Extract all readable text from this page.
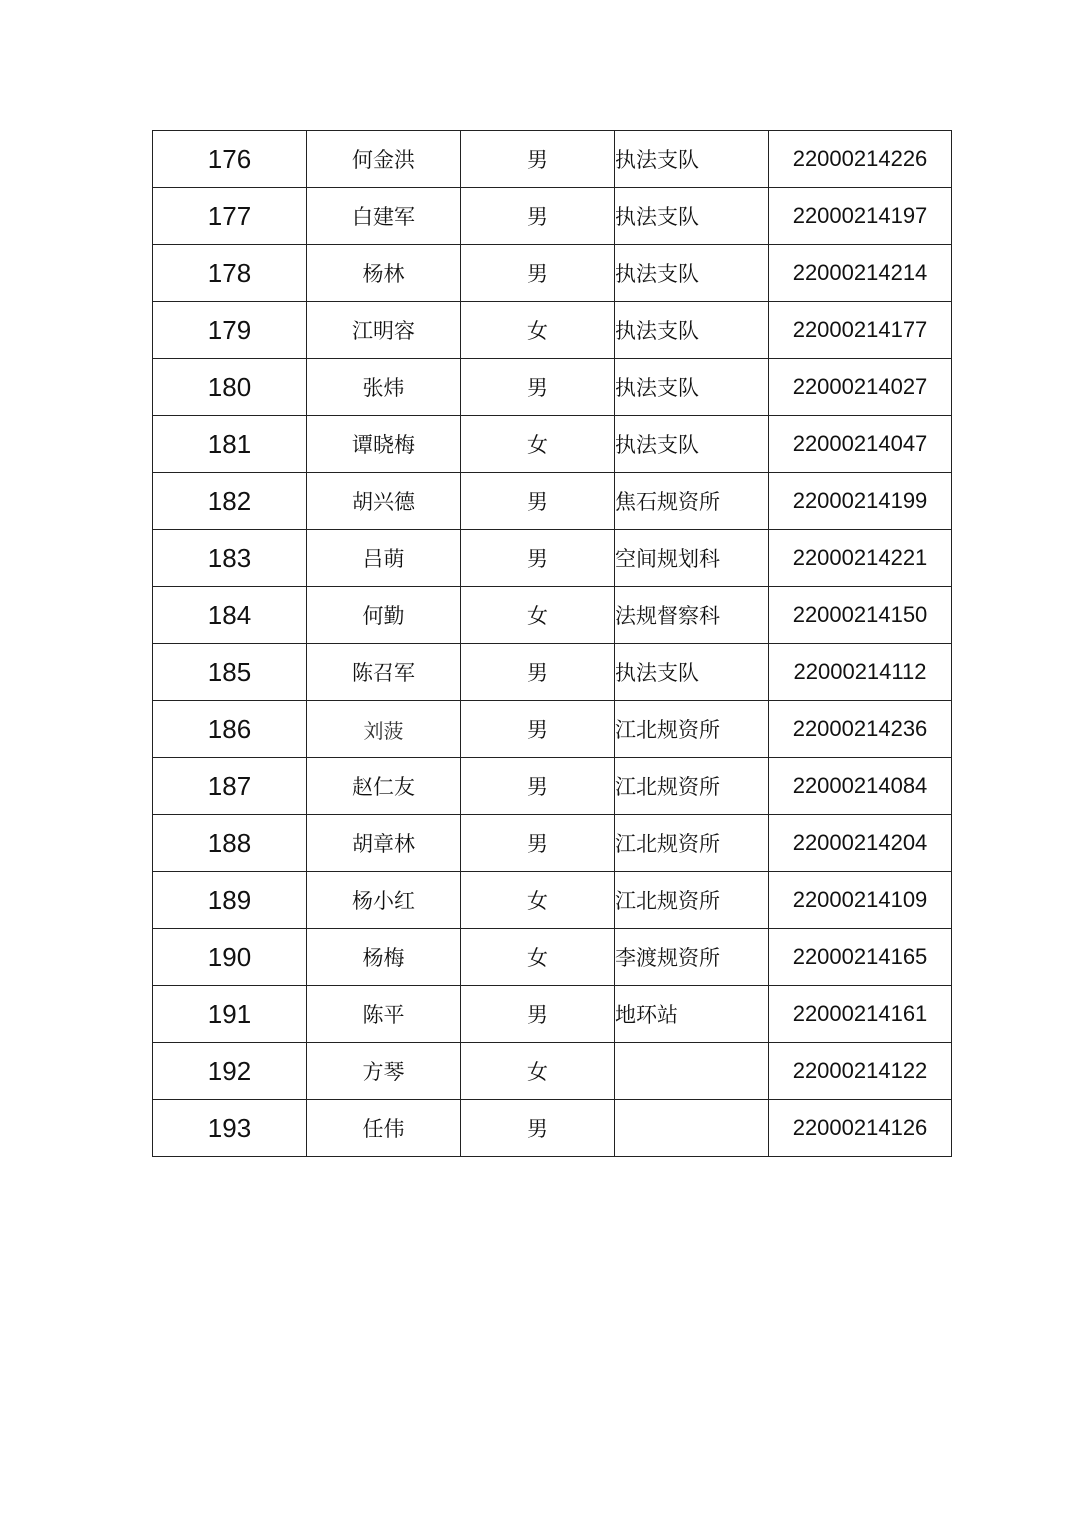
176	何金洪	男	执法支队	22000214226
177	白建军	男	执法支队	22000214197
178	杨林	男	执法支队	22000214214
179	江明容	女	执法支队	22000214177
180	张炜	男	执法支队	22000214027
181	谭晓梅	女	执法支队	22000214047
182	胡兴德	男	焦石规资所	22000214199
183	吕萌	男	空间规划科	22000214221
184	何勤	女	法规督察科	22000214150
185	陈召军	男	执法支队	22000214112
186	刘菠	男	江北规资所	22000214236
187	赵仁友	男	江北规资所	22000214084
188	胡章林	男	江北规资所	22000214204
189	杨小红	女	江北规资所	22000214109
190	杨梅	女	李渡规资所	22000214165
191	陈平	男	地环站	22000214161
192	方琴	女		22000214122
193	任伟	男		22000214126
